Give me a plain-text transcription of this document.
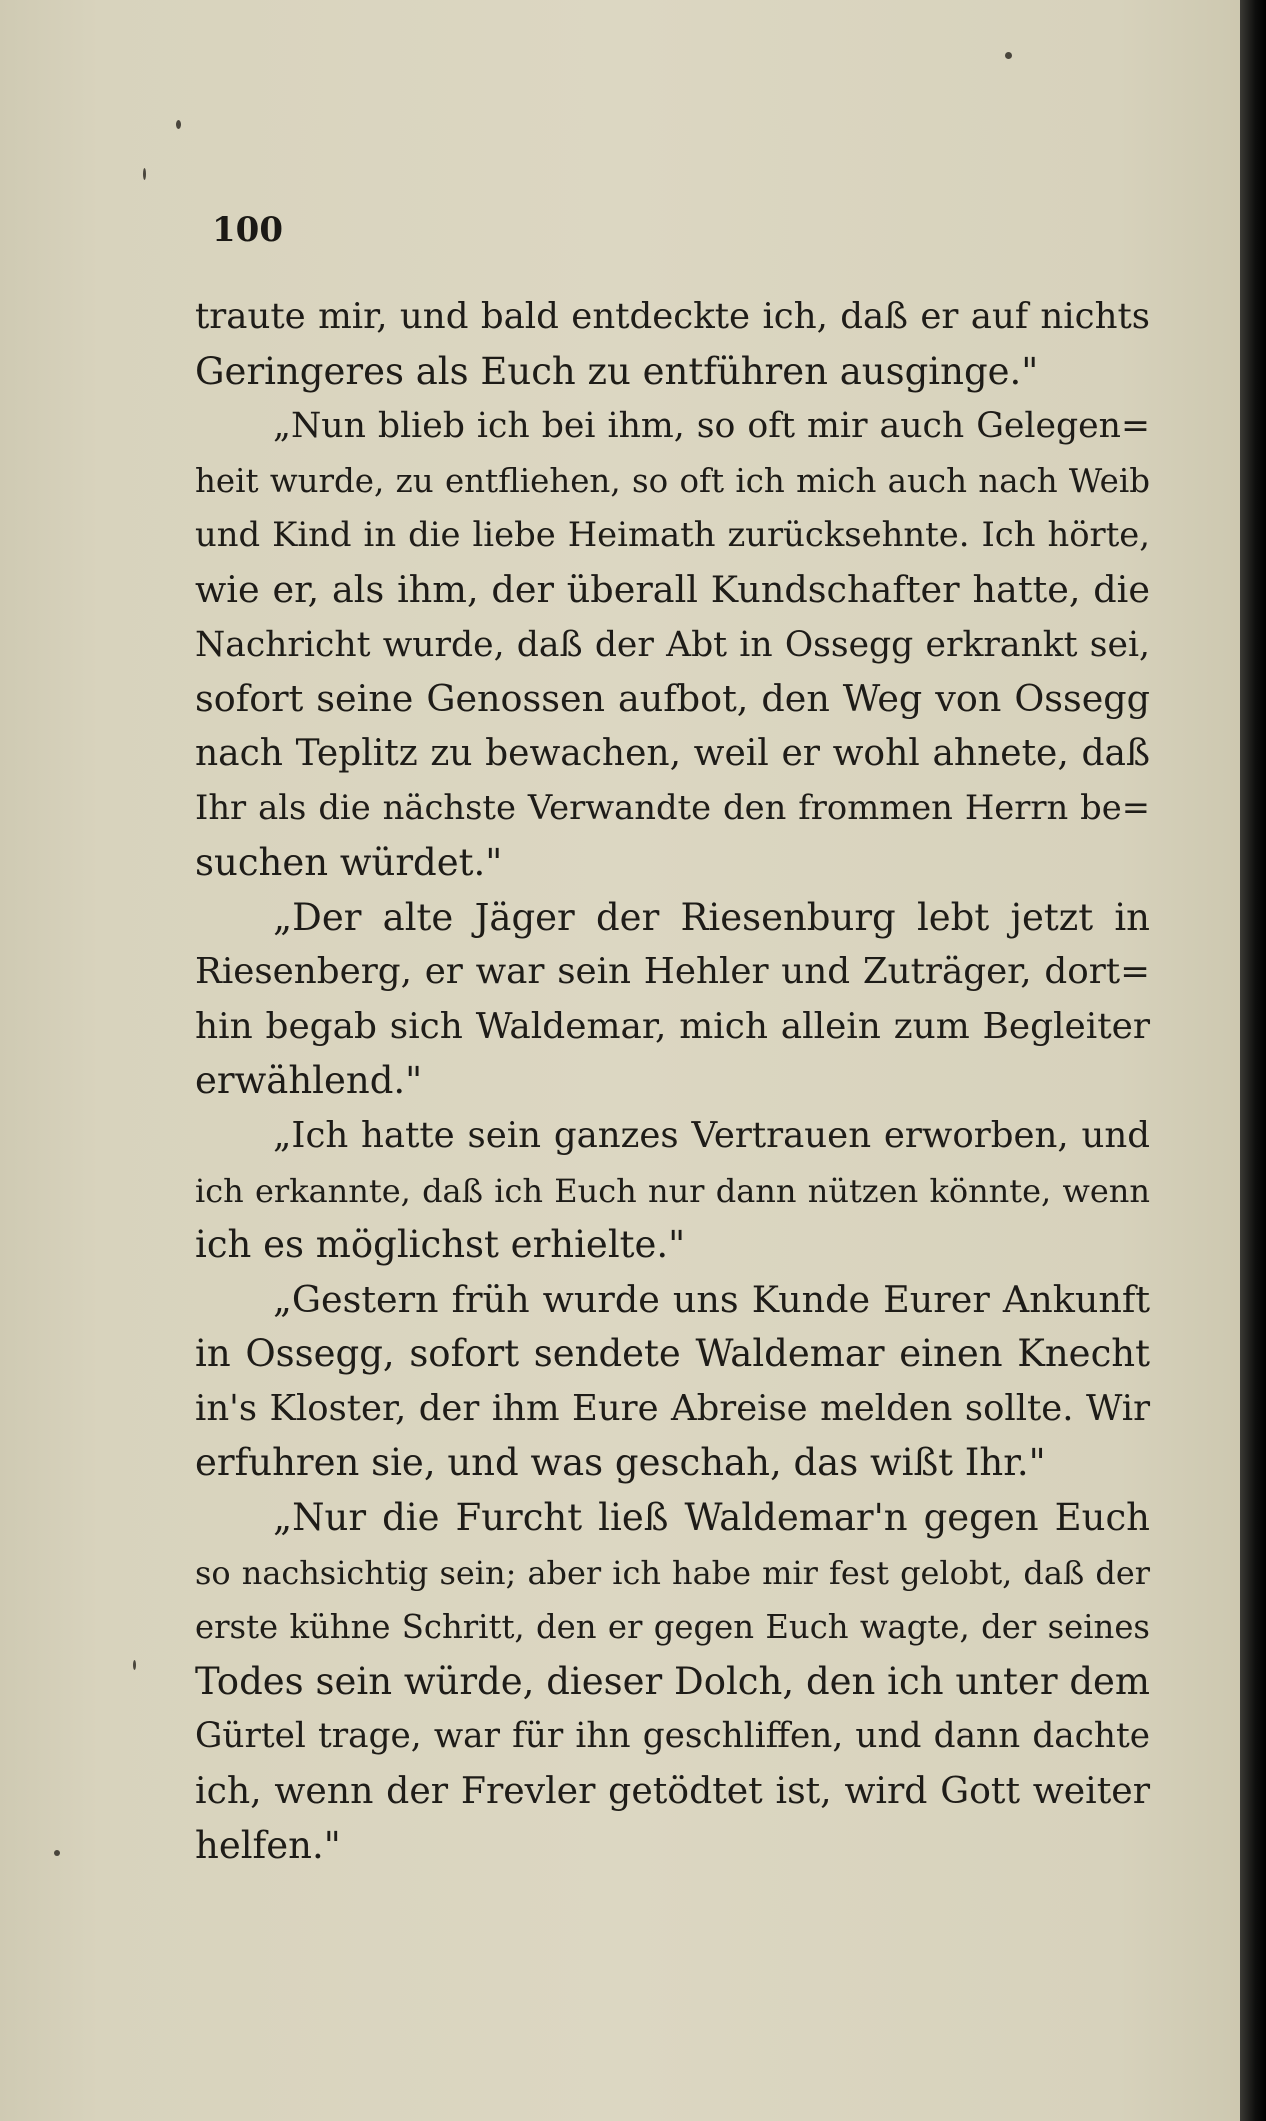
100

traute mir, und bald entdeckte ich, daß er auf nichts
Geringeres als Euch zu entführen ausginge."

„Nun blieb ich bei ihm, so oft mir auch Gelegen=
heit wurde, zu entfliehen, so oft ich mich auch nach Weib
und Kind in die liebe Heimath zurücksehnte. Ich hörte,
wie er, als ihm, der überall Kundschafter hatte, die
Nachricht wurde, daß der Abt in Ossegg erkrankt sei,
sofort seine Genossen aufbot, den Weg von Ossegg
nach Teplitz zu bewachen, weil er wohl ahnete, daß
Ihr als die nächste Verwandte den frommen Herrn be=
suchen würdet."

„Der alte Jäger der Riesenburg lebt jetzt in
Riesenberg, er war sein Hehler und Zuträger, dort=
hin begab sich Waldemar, mich allein zum Begleiter
erwählend."

„Ich hatte sein ganzes Vertrauen erworben, und
ich erkannte, daß ich Euch nur dann nützen könnte, wenn
ich es möglichst erhielte."

„Gestern früh wurde uns Kunde Eurer Ankunft
in Ossegg, sofort sendete Waldemar einen Knecht
in's Kloster, der ihm Eure Abreise melden sollte. Wir
erfuhren sie, und was geschah, das wißt Ihr."

„Nur die Furcht ließ Waldemar'n gegen Euch
so nachsichtig sein; aber ich habe mir fest gelobt, daß der
erste kühne Schritt, den er gegen Euch wagte, der seines
Todes sein würde, dieser Dolch, den ich unter dem
Gürtel trage, war für ihn geschliffen, und dann dachte
ich, wenn der Frevler getödtet ist, wird Gott weiter
helfen."
